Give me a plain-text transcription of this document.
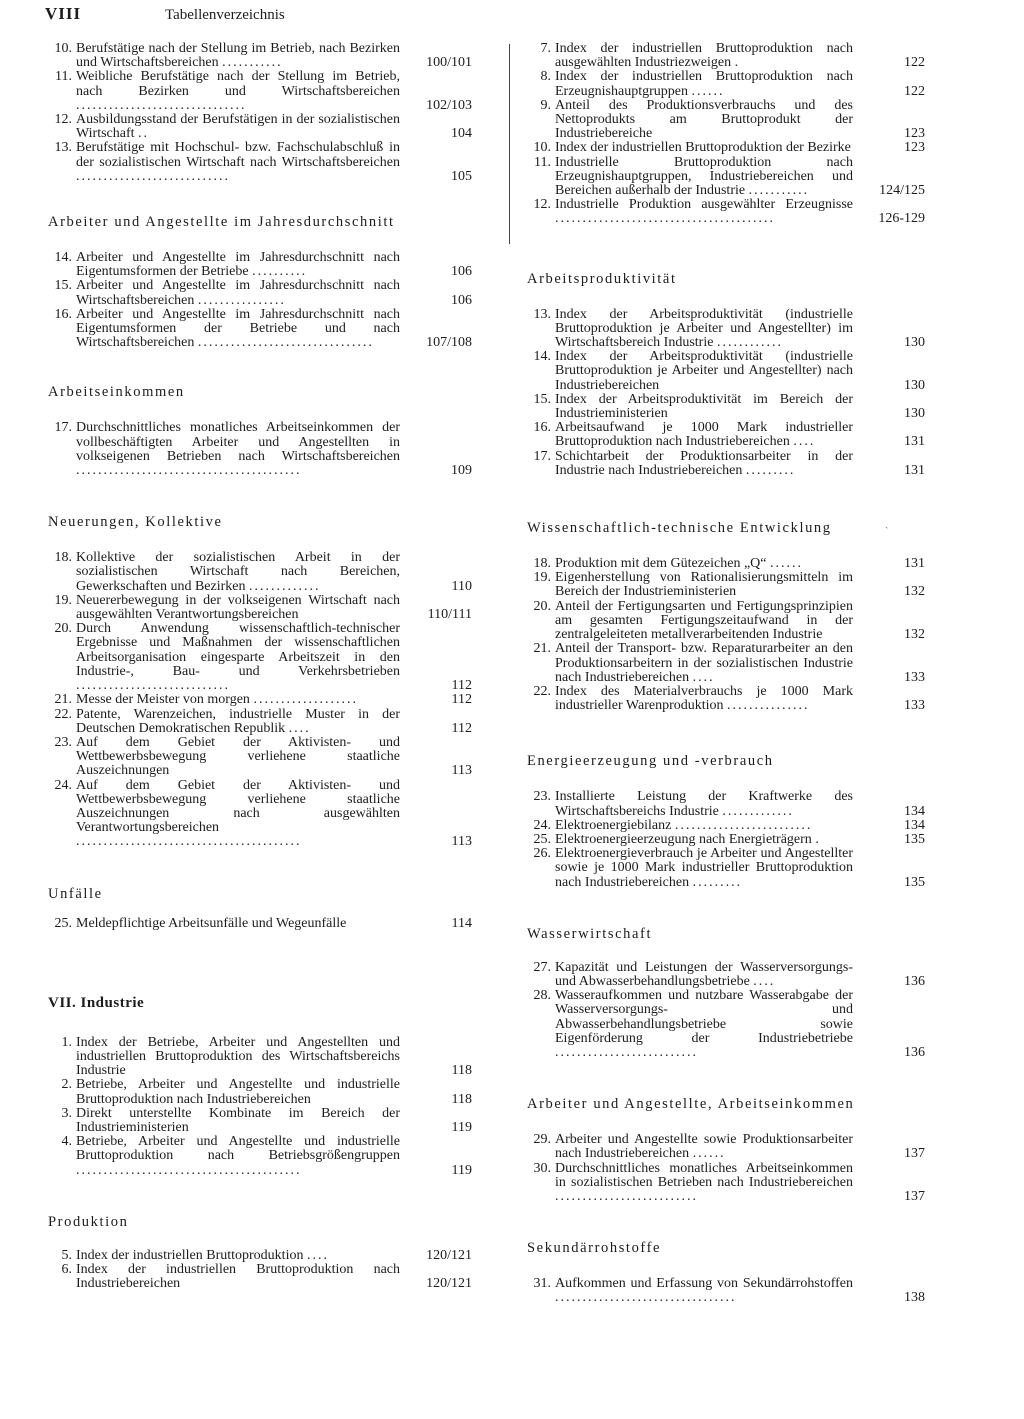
VIII	Tabellenverzeichnis
ˎ
10. Berufstätige nach der Stellung im Betrieb, nach Bezirken und Wirtschaftsbereichen ...........	100/101
11. Weibliche Berufstätige nach der Stellung im Betrieb, nach Bezirken und Wirtschaftsbereichen ...............................	102/103
12. Ausbildungsstand der Berufstätigen in der sozialistischen Wirtschaft ..	104
13. Berufstätige mit Hochschul- bzw. Fachschulabschluß in der sozialistischen Wirtschaft nach Wirtschaftsbereichen ............................	105
Arbeiter und Angestellte im Jahresdurchschnitt
14. Arbeiter und Angestellte im Jahresdurchschnitt nach Eigentumsformen der Betriebe ..........	106
15. Arbeiter und Angestellte im Jahresdurchschnitt nach Wirtschaftsbereichen ................	106
16. Arbeiter und Angestellte im Jahresdurchschnitt nach Eigentumsformen der Betriebe und nach Wirtschaftsbereichen ................................	107/108
Arbeitseinkommen
17. Durchschnittliches monatliches Arbeitseinkommen der vollbeschäftigten Arbeiter und Angestellten in volkseigenen Betrieben nach Wirtschaftsbereichen .........................................	109
Neuerungen, Kollektive
18. Kollektive der sozialistischen Arbeit in der sozialistischen Wirtschaft nach Bereichen, Gewerkschaften und Bezirken .............	110
19. Neuererbewegung in der volkseigenen Wirtschaft nach ausgewählten Verantwortungsbereichen	110/111
20. Durch Anwendung wissenschaftlich-technischer Ergebnisse und Maßnahmen der wissenschaftlichen Arbeitsorganisation eingesparte Arbeitszeit in den Industrie-, Bau- und Verkehrsbetrieben ............................	112
21. Messe der Meister von morgen ...................	112
22. Patente, Warenzeichen, industrielle Muster in der Deutschen Demokratischen Republik ....	112
23. Auf dem Gebiet der Aktivisten- und Wettbewerbsbewegung verliehene staatliche Auszeichnungen	113
24. Auf dem Gebiet der Aktivisten- und Wettbewerbsbewegung verliehene staatliche Auszeichnungen nach ausgewählten Verantwortungsbereichen .........................................	113
Unfälle
25. Meldepflichtige Arbeitsunfälle und Wegeunfälle	114
VII. Industrie
1. Index der Betriebe, Arbeiter und Angestellten und industriellen Bruttoproduktion des Wirtschaftsbereichs Industrie	118
2. Betriebe, Arbeiter und Angestellte und industrielle Bruttoproduktion nach Industriebereichen	118
3. Direkt unterstellte Kombinate im Bereich der Industrieministerien	119
4. Betriebe, Arbeiter und Angestellte und industrielle Bruttoproduktion nach Betriebsgrößengruppen .........................................	119
Produktion
5. Index der industriellen Bruttoproduktion ....	120/121
6. Index der industriellen Bruttoproduktion nach Industriebereichen	120/121
7. Index der industriellen Bruttoproduktion nach ausgewählten Industriezweigen .	122
8. Index der industriellen Bruttoproduktion nach Erzeugnishauptgruppen ......	122
9. Anteil des Produktionsverbrauchs und des Nettoprodukts am Bruttoprodukt der Industriebereiche	123
10. Index der industriellen Bruttoproduktion der Bezirke	123
11. Industrielle Bruttoproduktion nach Erzeugnishauptgruppen, Industriebereichen und Bereichen außerhalb der Industrie ...........	124/125
12. Industrielle Produktion ausgewählter Erzeugnisse ........................................	126-129
Arbeitsproduktivität
13. Index der Arbeitsproduktivität (industrielle Bruttoproduktion je Arbeiter und Angestellter) im Wirtschaftsbereich Industrie ............	130
14. Index der Arbeitsproduktivität (industrielle Bruttoproduktion je Arbeiter und Angestellter) nach Industriebereichen	130
15. Index der Arbeitsproduktivität im Bereich der Industrieministerien	130
16. Arbeitsaufwand je 1000 Mark industrieller Bruttoproduktion nach Industriebereichen ....	131
17. Schichtarbeit der Produktionsarbeiter in der Industrie nach Industriebereichen .........	131
Wissenschaftlich-technische Entwicklung
18. Produktion mit dem Gütezeichen „Q“ ......	131
19. Eigenherstellung von Rationalisierungsmitteln im Bereich der Industrieministerien	132
20. Anteil der Fertigungsarten und Fertigungsprinzipien am gesamten Fertigungszeitaufwand in der zentralgeleiteten metallverarbeitenden Industrie	132
21. Anteil der Transport- bzw. Reparaturarbeiter an den Produktionsarbeitern in der sozialistischen Industrie nach Industriebereichen ....	133
22. Index des Materialverbrauchs je 1000 Mark industrieller Warenproduktion ...............	133
Energieerzeugung und -verbrauch
23. Installierte Leistung der Kraftwerke des Wirtschaftsbereichs Industrie .............	134
24. Elektroenergiebilanz .........................	134
25. Elektroenergieerzeugung nach Energieträgern .	135
26. Elektroenergieverbrauch je Arbeiter und Angestellter sowie je 1000 Mark industrieller Bruttoproduktion nach Industriebereichen .........	135
Wasserwirtschaft
27. Kapazität und Leistungen der Wasserversorgungs- und Abwasserbehandlungsbetriebe ....	136
28. Wasseraufkommen und nutzbare Wasserabgabe der Wasserversorgungs- und Abwasserbehandlungsbetriebe sowie Eigenförderung der Industriebetriebe ..........................	136
Arbeiter und Angestellte, Arbeitseinkommen
29. Arbeiter und Angestellte sowie Produktionsarbeiter nach Industriebereichen ......	137
30. Durchschnittliches monatliches Arbeitseinkommen in sozialistischen Betrieben nach Industriebereichen ..........................	137
Sekundärrohstoffe
31. Aufkommen und Erfassung von Sekundärrohstoffen .................................	138
